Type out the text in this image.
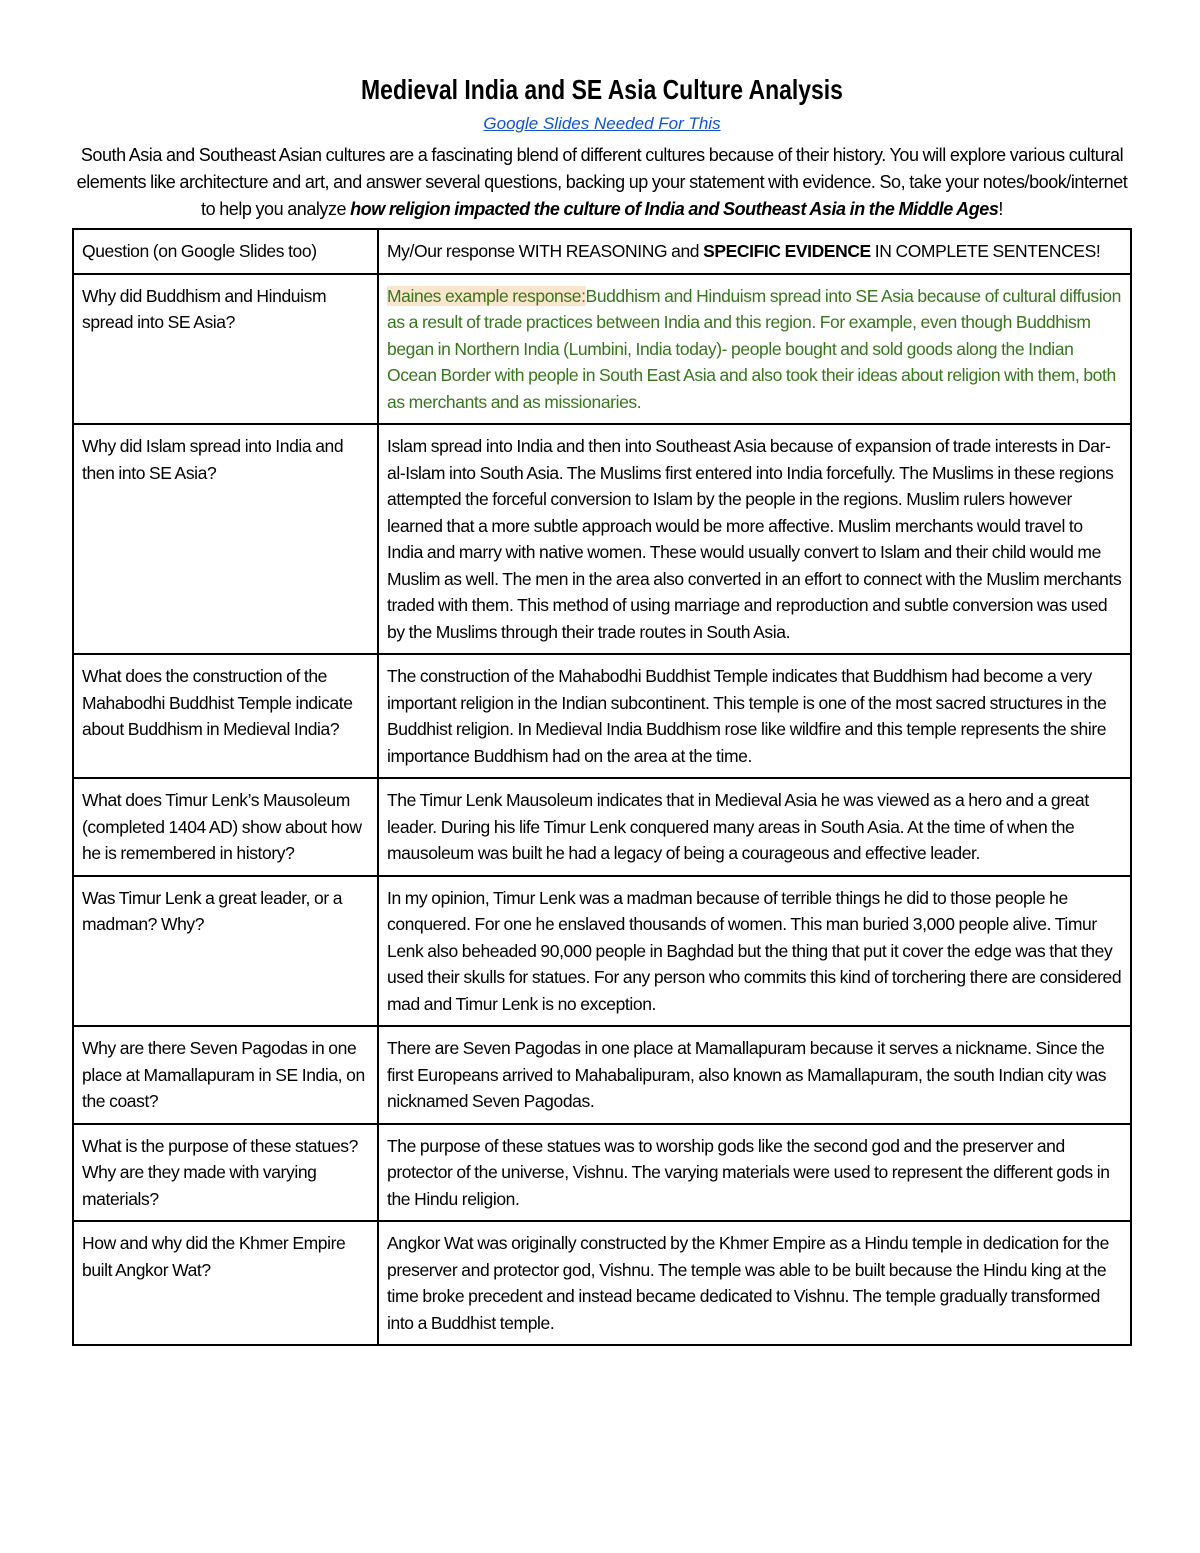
Medieval India and SE Asia Culture Analysis
Google Slides Needed For This
South Asia and Southeast Asian cultures are a fascinating blend of different cultures because of their history. You will explore various cultural elements like architecture and art, and answer several questions, backing up your statement with evidence. So, take your notes/book/internet to help you analyze how religion impacted the culture of India and Southeast Asia in the Middle Ages!
Question (on Google Slides too)	My/Our response WITH REASONING and SPECIFIC EVIDENCE IN COMPLETE SENTENCES!
Why did Buddhism and Hinduism spread into SE Asia?	Maines example response:Buddhism and Hinduism spread into SE Asia because of cultural diffusion as a result of trade practices between India and this region. For example, even though Buddhism began in Northern India (Lumbini, India today)- people bought and sold goods along the Indian Ocean Border with people in South East Asia and also took their ideas about religion with them, both as merchants and as missionaries.
Why did Islam spread into India and then into SE Asia?	Islam spread into India and then into Southeast Asia because of expansion of trade interests in Dar-al-Islam into South Asia. The Muslims first entered into India forcefully. The Muslims in these regions attempted the forceful conversion to Islam by the people in the regions. Muslim rulers however learned that a more subtle approach would be more affective. Muslim merchants would travel to India and marry with native women. These would usually convert to Islam and their child would me Muslim as well. The men in the area also converted in an effort to connect with the Muslim merchants traded with them. This method of using marriage and reproduction and subtle conversion was used by the Muslims through their trade routes in South Asia.
What does the construction of the Mahabodhi Buddhist Temple indicate about Buddhism in Medieval India?	The construction of the Mahabodhi Buddhist Temple indicates that Buddhism had become a very important religion in the Indian subcontinent. This temple is one of the most sacred structures in the Buddhist religion. In Medieval India Buddhism rose like wildfire and this temple represents the shire importance Buddhism had on the area at the time.
What does Timur Lenk’s Mausoleum (completed 1404 AD) show about how he is remembered in history?	The Timur Lenk Mausoleum indicates that in Medieval Asia he was viewed as a hero and a great leader. During his life Timur Lenk conquered many areas in South Asia. At the time of when the mausoleum was built he had a legacy of being a courageous and effective leader.
Was Timur Lenk a great leader, or a madman? Why?	In my opinion, Timur Lenk was a madman because of terrible things he did to those people he conquered. For one he enslaved thousands of women. This man buried 3,000 people alive. Timur Lenk also beheaded 90,000 people in Baghdad but the thing that put it cover the edge was that they used their skulls for statues. For any person who commits this kind of torchering there are considered mad and Timur Lenk is no exception.
Why are there Seven Pagodas in one place at Mamallapuram in SE India, on the coast?	There are Seven Pagodas in one place at Mamallapuram because it serves a nickname. Since the first Europeans arrived to Mahabalipuram, also known as Mamallapuram, the south Indian city was nicknamed Seven Pagodas.
What is the purpose of these statues? Why are they made with varying materials?	The purpose of these statues was to worship gods like the second god and the preserver and protector of the universe, Vishnu. The varying materials were used to represent the different gods in the Hindu religion.
How and why did the Khmer Empire built Angkor Wat?	Angkor Wat was originally constructed by the Khmer Empire as a Hindu temple in dedication for the preserver and protector god, Vishnu. The temple was able to be built because the Hindu king at the time broke precedent and instead became dedicated to Vishnu. The temple gradually transformed into a Buddhist temple.
